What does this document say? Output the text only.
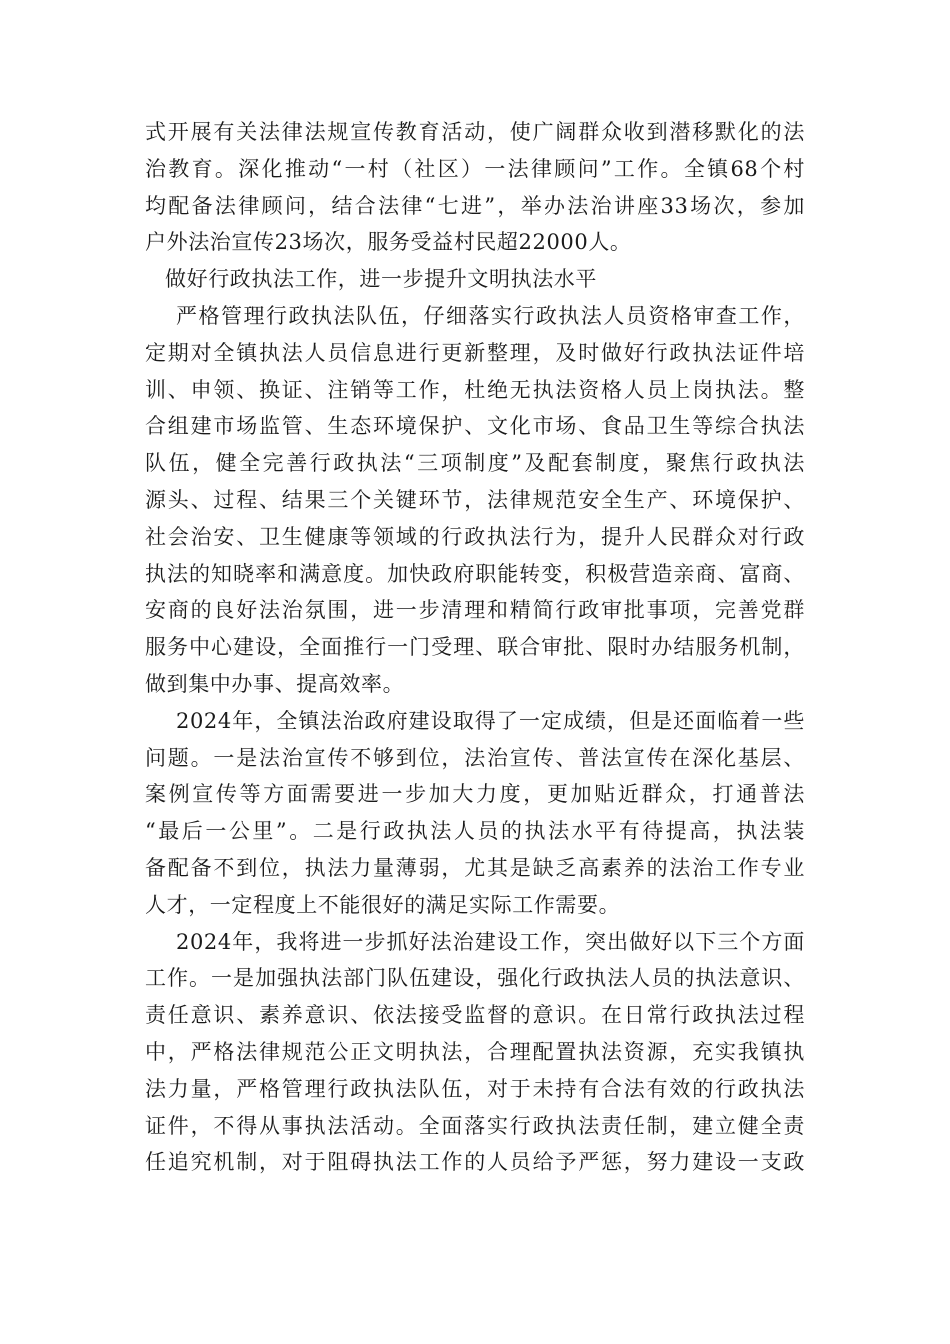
式开展有关法律法规宣传教育活动，使广阔群众收到潜移默化的法
治教育。深化推动“一村（社区）一法律顾问”工作。全镇68个村
均配备法律顾问，结合法律“七进”，举办法治讲座33场次，参加
户外法治宣传23场次，服务受益村民超22000人。
做好行政执法工作，进一步提升文明执法水平
严格管理行政执法队伍，仔细落实行政执法人员资格审查工作，
定期对全镇执法人员信息进行更新整理，及时做好行政执法证件培
训、申领、换证、注销等工作，杜绝无执法资格人员上岗执法。整
合组建市场监管、生态环境保护、文化市场、食品卫生等综合执法
队伍，健全完善行政执法“三项制度”及配套制度，聚焦行政执法
源头、过程、结果三个关键环节，法律规范安全生产、环境保护、
社会治安、卫生健康等领域的行政执法行为，提升人民群众对行政
执法的知晓率和满意度。加快政府职能转变，积极营造亲商、富商、
安商的良好法治氛围，进一步清理和精简行政审批事项，完善党群
服务中心建设，全面推行一门受理、联合审批、限时办结服务机制，
做到集中办事、提高效率。
2024年，全镇法治政府建设取得了一定成绩，但是还面临着一些
问题。一是法治宣传不够到位，法治宣传、普法宣传在深化基层、
案例宣传等方面需要进一步加大力度，更加贴近群众，打通普法
“最后一公里”。二是行政执法人员的执法水平有待提高，执法装
备配备不到位，执法力量薄弱，尤其是缺乏高素养的法治工作专业
人才，一定程度上不能很好的满足实际工作需要。
2024年，我将进一步抓好法治建设工作，突出做好以下三个方面
工作。一是加强执法部门队伍建设，强化行政执法人员的执法意识、
责任意识、素养意识、依法接受监督的意识。在日常行政执法过程
中，严格法律规范公正文明执法，合理配置执法资源，充实我镇执
法力量，严格管理行政执法队伍，对于未持有合法有效的行政执法
证件，不得从事执法活动。全面落实行政执法责任制，建立健全责
任追究机制，对于阻碍执法工作的人员给予严惩，努力建设一支政
